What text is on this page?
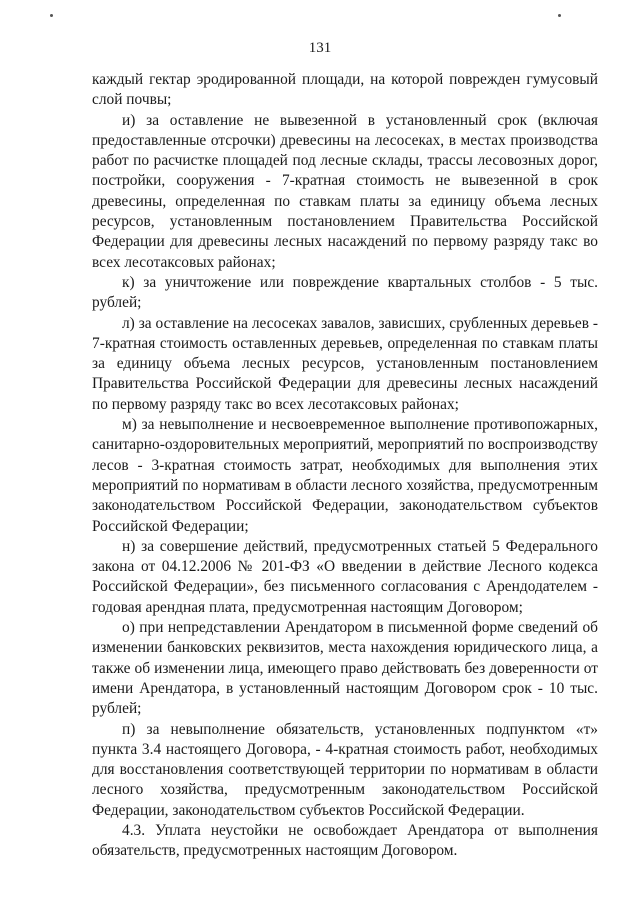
131

каждый гектар эродированной площади, на которой поврежден гумусовый слой почвы;

и) за оставление не вывезенной в установленный срок (включая предоставленные отсрочки) древесины на лесосеках, в местах производства работ по расчистке площадей под лесные склады, трассы лесовозных дорог, постройки, сооружения - 7-кратная стоимость не вывезенной в срок древесины, определенная по ставкам платы за единицу объема лесных ресурсов, установленным постановлением Правительства Российской Федерации для древесины лесных насаждений по первому разряду такс во всех лесотаксовых районах;

к) за уничтожение или повреждение квартальных столбов - 5 тыс. рублей;

л) за оставление на лесосеках завалов, зависших, срубленных деревьев - 7-кратная стоимость оставленных деревьев, определенная по ставкам платы за единицу объема лесных ресурсов, установленным постановлением Правительства Российской Федерации для древесины лесных насаждений по первому разряду такс во всех лесотаксовых районах;

м) за невыполнение и несвоевременное выполнение противопожарных, санитарно-оздоровительных мероприятий, мероприятий по воспроизводству лесов - 3-кратная стоимость затрат, необходимых для выполнения этих мероприятий по нормативам в области лесного хозяйства, предусмотренным законодательством Российской Федерации, законодательством субъектов Российской Федерации;

н) за совершение действий, предусмотренных статьей 5 Федерального закона от 04.12.2006 № 201-ФЗ «О введении в действие Лесного кодекса Российской Федерации», без письменного согласования с Арендодателем - годовая арендная плата, предусмотренная настоящим Договором;

о) при непредставлении Арендатором в письменной форме сведений об изменении банковских реквизитов, места нахождения юридического лица, а также об изменении лица, имеющего право действовать без доверенности от имени Арендатора, в установленный настоящим Договором срок - 10 тыс. рублей;

п) за невыполнение обязательств, установленных подпунктом «т» пункта 3.4 настоящего Договора, - 4-кратная стоимость работ, необходимых для восстановления соответствующей территории по нормативам в области лесного хозяйства, предусмотренным законодательством Российской Федерации, законодательством субъектов Российской Федерации.

4.3. Уплата неустойки не освобождает Арендатора от выполнения обязательств, предусмотренных настоящим Договором.
